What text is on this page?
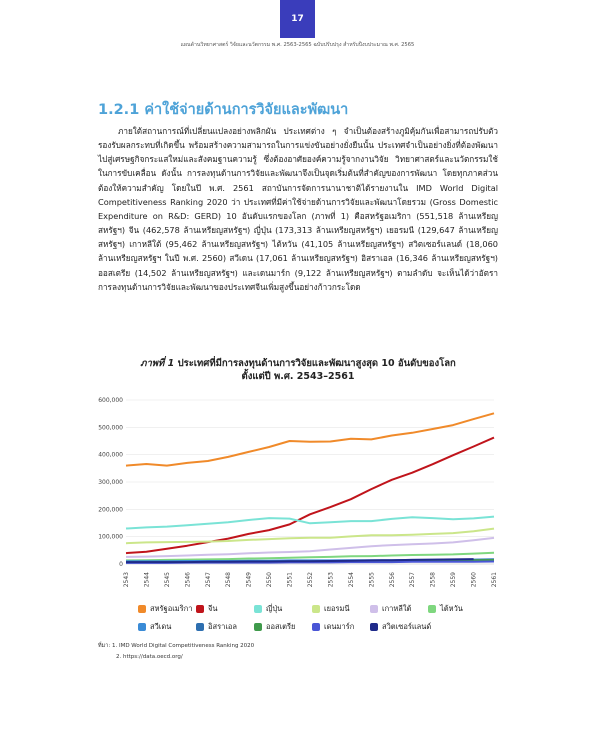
17
แผนด้านวิทยาศาสตร์ วิจัยและนวัตกรรม พ.ศ. 2563-2565 ฉบับปรับปรุง สำหรับปีงบประมาณ พ.ศ. 2565
1.2.1 ค่าใช้จ่ายด้านการวิจัยและพัฒนา

ภายใต้สถานการณ์ที่เปลี่ยนแปลงอย่างพลิกผัน ประเทศต่าง ๆ จำเป็นต้องสร้างภูมิคุ้มกันเพื่อสามารถปรับตัวรองรับผลกระทบที่เกิดขึ้น พร้อมสร้างความสามารถในการแข่งขันอย่างยั่งยืนนั้น ประเทศจำเป็นอย่างยิ่งที่ต้องพัฒนาไปสู่เศรษฐกิจกระแสใหม่และสังคมฐานความรู้ ซึ่งต้องอาศัยองค์ความรู้จากงานวิจัย วิทยาศาสตร์และนวัตกรรมใช้ในการขับเคลื่อน ดังนั้น การลงทุนด้านการวิจัยและพัฒนาจึงเป็นจุดเริ่มต้นที่สำคัญของการพัฒนา โดยทุกภาคส่วนต้องให้ความสำคัญ โดยในปี พ.ศ. 2561 สถาบันการจัดการนานาชาติได้รายงานใน IMD World Digital Competitiveness Ranking 2020 ว่า ประเทศที่มีค่าใช้จ่ายด้านการวิจัยและพัฒนาโดยรวม (Gross Domestic Expenditure on R&D: GERD) 10 อันดับแรกของโลก (ภาพที่ 1) คือสหรัฐอเมริกา (551,518 ล้านเหรียญสหรัฐฯ) จีน (462,578 ล้านเหรียญสหรัฐฯ) ญี่ปุ่น (173,313 ล้านเหรียญสหรัฐฯ) เยอรมนี (129,647 ล้านเหรียญสหรัฐฯ) เกาหลีใต้ (95,462 ล้านเหรียญสหรัฐฯ) ไต้หวัน (41,105 ล้านเหรียญสหรัฐฯ) สวิตเซอร์แลนด์ (18,060 ล้านเหรียญสหรัฐฯ ในปี พ.ศ. 2560) สวีเดน (17,061 ล้านเหรียญสหรัฐฯ) อิสราเอล (16,346 ล้านเหรียญสหรัฐฯ) ออสเตรีย (14,502 ล้านเหรียญสหรัฐฯ) และเดนมาร์ก (9,122 ล้านเหรียญสหรัฐฯ) ตามลำดับ จะเห็นได้ว่าอัตราการลงทุนด้านการวิจัยและพัฒนาของประเทศจีนเพิ่มสูงขึ้นอย่างก้าวกระโดด

ภาพที่ 1 ประเทศที่มีการลงทุนด้านการวิจัยและพัฒนาสูงสุด 10 อันดับของโลก
ตั้งแต่ปี พ.ศ. 2543–2561
0
100,000
200,000
300,000
400,000
500,000
600,000
2543 2544 2545 2546 2547 2548 2549 2550 2551 2552 2553 2554 2555 2556 2557 2558 2559 2560 2561
สหรัฐอเมริกา จีน	ญี่ปุ่น	เยอรมนี	เกาหลีใต้	ไต้หวัน
สวีเดน	อิสราเอล	ออสเตรีย	เดนมาร์ก	สวิตเซอร์แลนด์
ที่มา: 1. IMD World Digital Competitiveness Ranking 2020
2. https://data.oecd.org/
